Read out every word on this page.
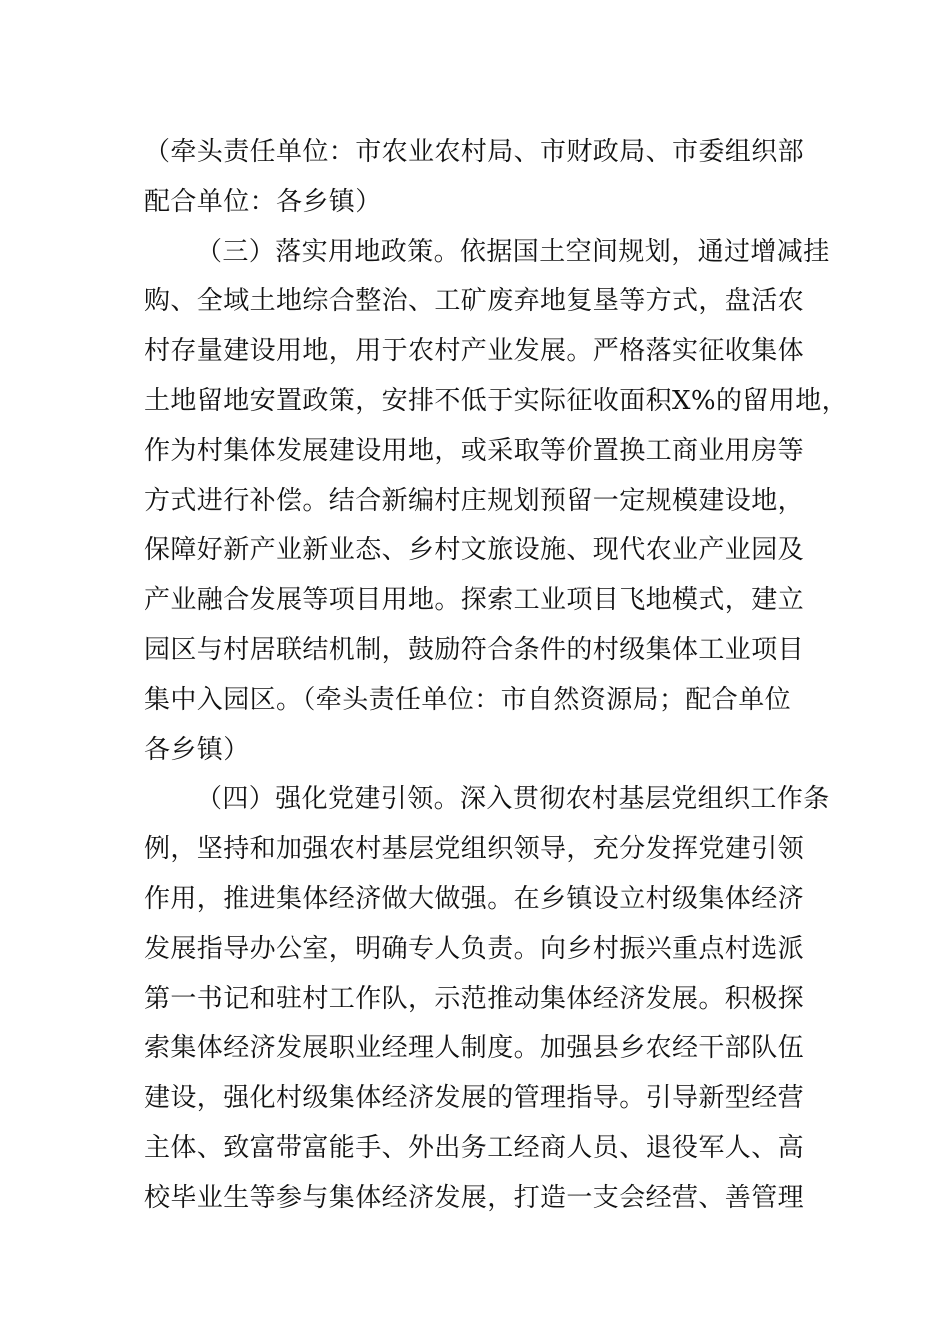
（牵头责任单位：市农业农村局、市财政局、市委组织部
配合单位：各乡镇）
（三）落实用地政策。依据国土空间规划，通过增减挂
购、全域土地综合整治、工矿废弃地复垦等方式，盘活农
村存量建设用地，用于农村产业发展。严格落实征收集体
土地留地安置政策，安排不低于实际征收面积X%的留用地，
作为村集体发展建设用地，或采取等价置换工商业用房等
方式进行补偿。结合新编村庄规划预留一定规模建设地，
保障好新产业新业态、乡村文旅设施、现代农业产业园及
产业融合发展等项目用地。探索工业项目飞地模式，建立
园区与村居联结机制，鼓励符合条件的村级集体工业项目
集中入园区。（牵头责任单位：市自然资源局；配合单位
各乡镇）
（四）强化党建引领。深入贯彻农村基层党组织工作条
例，坚持和加强农村基层党组织领导，充分发挥党建引领
作用，推进集体经济做大做强。在乡镇设立村级集体经济
发展指导办公室，明确专人负责。向乡村振兴重点村选派
第一书记和驻村工作队，示范推动集体经济发展。积极探
索集体经济发展职业经理人制度。加强县乡农经干部队伍
建设，强化村级集体经济发展的管理指导。引导新型经营
主体、致富带富能手、外出务工经商人员、退役军人、高
校毕业生等参与集体经济发展，打造一支会经营、善管理
